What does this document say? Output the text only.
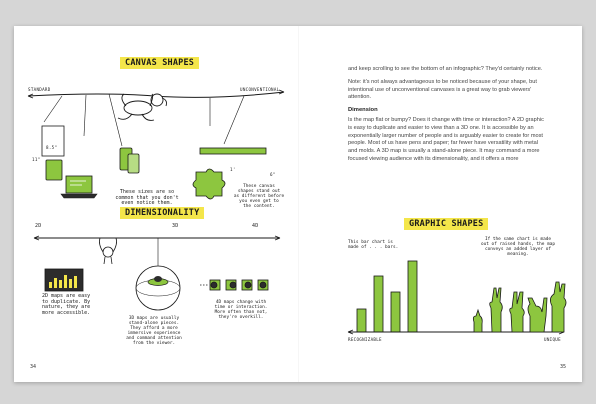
CANVAS SHAPES
STANDARD	UNCONVENTIONAL
8.5"
11"
1'
6"
These sizes are so
common that you don't
even notice them.
These canvas
shapes stand out
as different before
you even get to
the content.
DIMENSIONALITY
2D	3D	4D
2D maps are easy
to duplicate. By
nature, they are
more accessible.
3D maps are usually
stand-alone pieces.
They afford a more
immersive experience
and command attention
from the viewer.
4D maps change with
time or interaction.
More often than not,
they're overkill.
34

and keep scrolling to see the bottom of an infographic? They'd certainly notice.

Note: it's not always advantageous to be noticed because of your shape, but intentional use of unconventional canvases is a great way to grab viewers' attention.

Dimension

Is the map flat or bumpy? Does it change with time or interaction? A 2D graphic is easy to duplicate and easier to view than a 3D one. It is accessible by an exponentially larger number of people and is arguably easier to create for most people. Most of us have pens and paper; far fewer have versatility with metal and molds. A 3D map is usually a stand-alone piece. It may command a more focused viewing audience with its dimensionality, and it offers a more

GRAPHIC SHAPES
This bar chart is
made of . . . bars.
If the same chart is made
out of raised hands, the map
conveys an added layer of
meaning.
RECOGNIZABLE	UNIQUE
35
